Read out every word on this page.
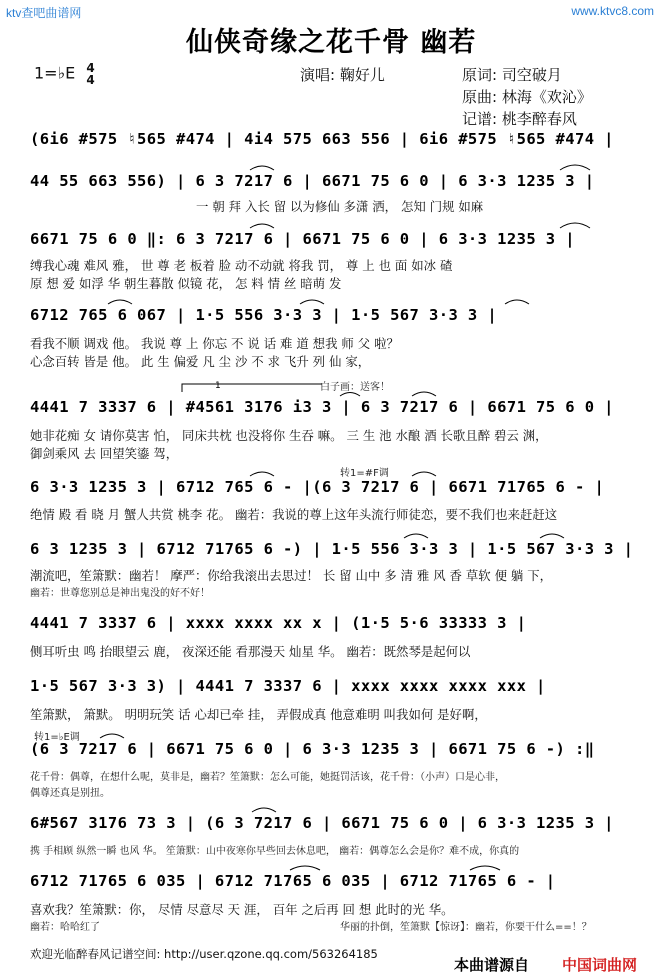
ktv查吧曲谱网	www.ktvc8.com
仙侠奇缘之花千骨 幽若
1=♭E 4
4	演唱: 鞠好儿	原词: 司空破月
原曲: 林海《欢沁》
记谱: 桃李醉春风
(6i6 #575 ♮565 #474 | 4i4 575 663 556 | 6i6 #575 ♮565 #474 |
44 55 663 556) | 6 3 7217 6 | 6671 75 6 0 | 6 3·3 1235 3 |
一 朝 拜 入长 留 以为修仙 多潇 洒， 怎知 门规 如麻
6671 75 6 0 ‖: 6 3 7217 6 | 6671 75 6 0 | 6 3·3 1235 3 |
缚我心魂 难风 雅， 世 尊 老 板着 脸 动不动就 将我 罚， 尊 上 也 面 如冰 碴
原 想 爱 如浮 华 朝生暮散 似镜 花， 怎 料 情 丝 暗萌 发
6712 765 6 067 | 1·5 556 3·3 3 | 1·5 567 3·3 3 |
看我不顺 调戏 他。 我说 尊 上 你忘 不 说 话 难 道 想我 师 父 啦？
心念百转 皆是 他。 此 生 偏爱 凡 尘 沙 不 求 飞升 列 仙 家，
白子画：送客！
4441 7 3337 6 | #4561 3176 i3 3 | 6 3 7217 6 | 6671 75 6 0 |
她非花痴 女 请你莫害 怕， 同床共枕 也没将你 生吞 嘛。 三 生 池 水酿 酒 长歌且醉 碧云 渊，
御剑乘风 去 回望笑鎏 驾，
转1=#F调
6 3·3 1235 3 | 6712 765 6 - |(6 3 7217 6 | 6671 71765 6 - |
绝情 殿 看 晓 月 蟹人共赏 桃李 花。 幽若：我说的尊上这年头流行师徒恋，要不我们也来赶赶这
6 3 1235 3 | 6712 71765 6 -) | 1·5 556 3·3 3 | 1·5 567 3·3 3 |
潮流吧，笙箫默：幽若！ 摩严：你给我滚出去思过！ 长 留 山中 多 清 雅 风 香 草软 便 躺 下，
幽若：世尊您别总是神出鬼没的好不好！
4441 7 3337 6 | xxxx xxxx xx x | (1·5 5·6 33333 3 |
侧耳听虫 鸣 抬眼望云 鹿， 夜深还能 看那漫天 灿星 华。 幽若：既然琴是起何以
1·5 567 3·3 3) | 4441 7 3337 6 | xxxx xxxx xxxx xxx |
笙箫默， 箫默。 明明玩笑 话 心却已牵 挂， 弄假成真 他意难明 叫我如何 是好啊，
转1=♭E调
(6 3 7217 6 | 6671 75 6 0 | 6 3·3 1235 3 | 6671 75 6 -) :‖
花千骨：偶尊，在想什么呢，莫非是，幽若？笙箫默：怎么可能，她挺罚活该，花千骨：（小声）口是心非，
偶尊还真是别扭。
6#567 3176 73 3 | (6 3 7217 6 | 6671 75 6 0 | 6 3·3 1235 3 |
携 手相顾 纵然一瞬 也风 华。 笙箫默：山中夜寒你早些回去休息吧， 幽若：偶尊怎么会是你？难不成，你真的
6712 71765 6 035 | 6712 71765 6 035 | 6712 71765 6 - |
喜欢我？笙箫默：你， 尽情 尽意尽 天 涯， 百年 之后再 回 想 此时的光 华。
幽若：哈哈红了	华丽的扑倒，笙箫默【惊讶】：幽若，你要干什么==！？
欢迎光临醉春风记谱空间: http://user.qzone.qq.com/563264185
本曲谱源自 中国词曲网
1
